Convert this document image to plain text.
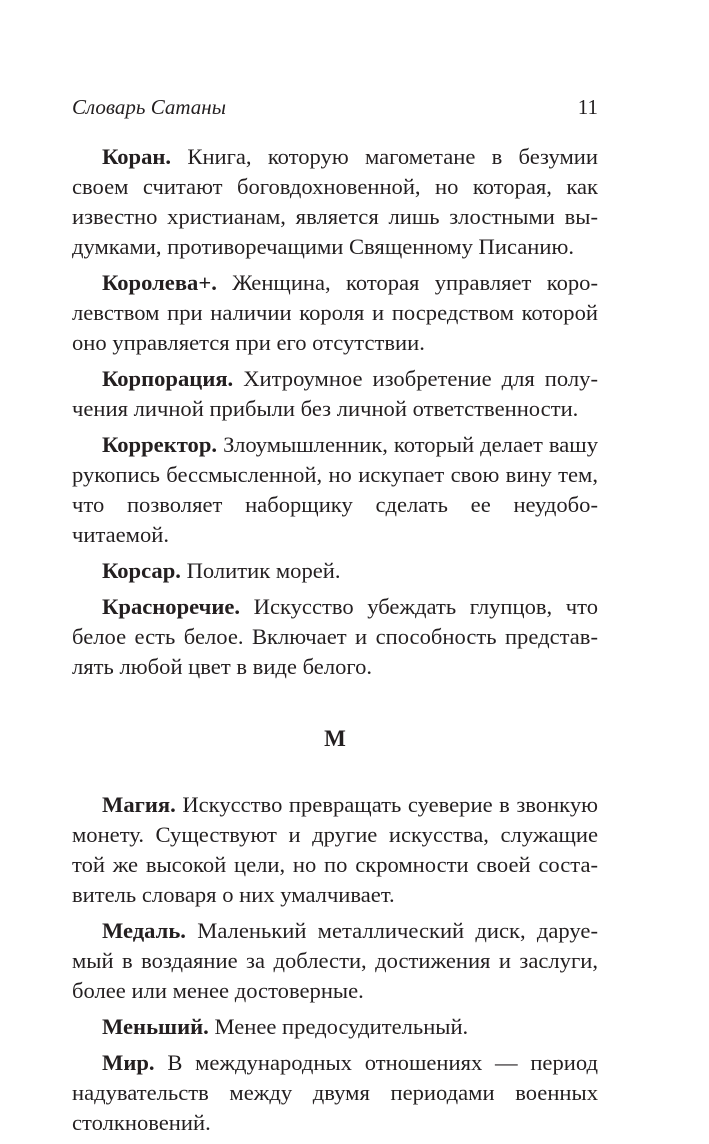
Словарь Сатаны	11

Коран. Книга, которую магометане в безумии своем считают боговдохновенной, но которая, как известно христианам, является лишь злостными выдумками, противоречащими Священному Писанию.

Королева+. Женщина, которая управляет королевством при наличии короля и посредством которой оно управляется при его отсутствии.

Корпорация. Хитроумное изобретение для получения личной прибыли без личной ответственности.

Корректор. Злоумышленник, который делает вашу рукопись бессмысленной, но искупает свою вину тем, что позволяет наборщику сделать ее неудобочитаемой.

Корсар. Политик морей.

Красноречие. Искусство убеждать глупцов, что белое есть белое. Включает и способность представлять любой цвет в виде белого.

М

Магия. Искусство превращать суеверие в звонкую монету. Существуют и другие искусства, служащие той же высокой цели, но по скромности своей составитель словаря о них умалчивает.

Медаль. Маленький металлический диск, даруемый в воздаяние за доблести, достижения и заслуги, более или менее достоверные.

Меньший. Менее предосудительный.

Мир. В международных отношениях — период надувательств между двумя периодами военных столкновений.
